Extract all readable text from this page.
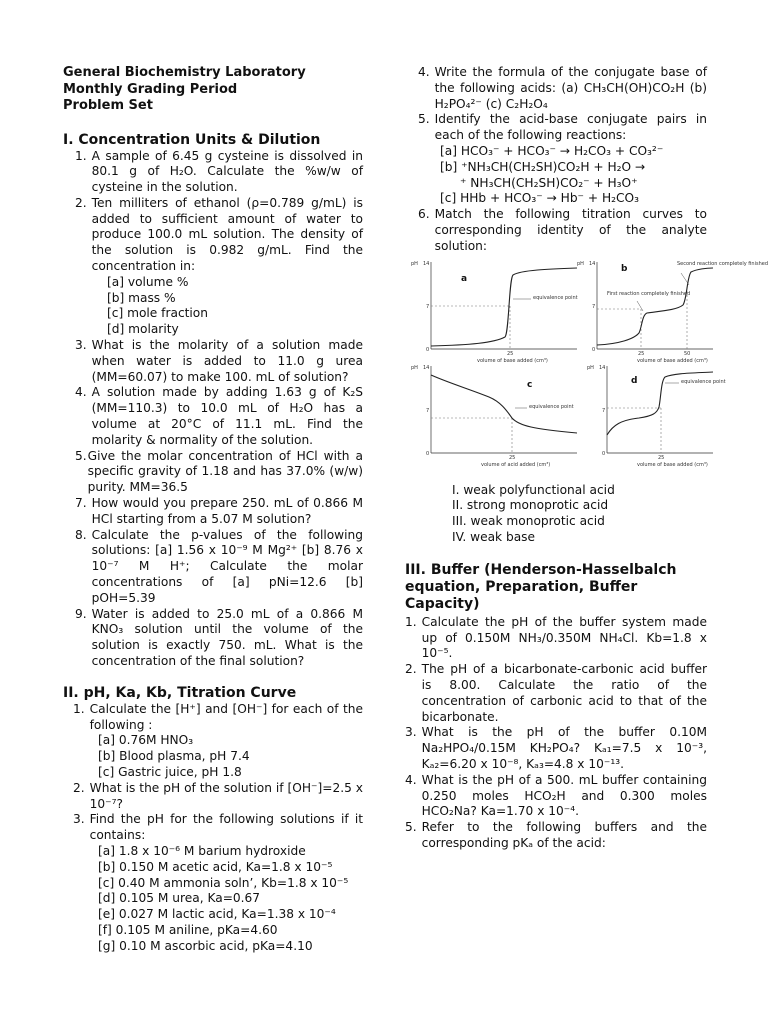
General Biochemistry Laboratory
Monthly Grading Period
Problem Set
I. Concentration Units & Dilution
1. A sample of 6.45 g cysteine is dissolved in 80.1 g of H₂O. Calculate the %w/w of cysteine in the solution.
2. Ten milliters of ethanol (ρ=0.789 g/mL) is added to sufficient amount of water to produce 100.0 mL solution. The density of the solution is 0.982 g/mL. Find the concentration in:
[a] volume %
[b] mass %
[c] mole fraction
[d] molarity
3. What is the molarity of a solution made when water is added to 11.0 g urea (MM=60.07) to make 100. mL of solution?
4. A solution made by adding 1.63 g of K₂S (MM=110.3) to 10.0 mL of H₂O has a volume at 20°C of 11.1 mL. Find the molarity & normality of the solution.
5. Give the molar concentration of HCl with a specific gravity of 1.18 and has 37.0% (w/w) purity. MM=36.5
7. How would you prepare 250. mL of 0.866 M HCl starting from a 5.07 M solution?
8. Calculate the p-values of the following solutions: [a] 1.56 x 10⁻⁹ M Mg²⁺ [b] 8.76 x 10⁻⁷ M H⁺; Calculate the molar concentrations of [a] pNi=12.6 [b] pOH=5.39
9. Water is added to 25.0 mL of a 0.866 M KNO₃ solution until the volume of the solution is exactly 750. mL. What is the concentration of the final solution?
II. pH, Ka, Kb, Titration Curve
1. Calculate the [H⁺] and [OH⁻] for each of the following :
[a] 0.76M HNO₃
[b] Blood plasma, pH 7.4
[c] Gastric juice, pH 1.8
2. What is the pH of the solution if [OH⁻]=2.5 x 10⁻⁷?
3. Find the pH for the following solutions if it contains:
[a] 1.8 x 10⁻⁶ M barium hydroxide
[b] 0.150 M acetic acid, Ka=1.8 x 10⁻⁵
[c] 0.40 M ammonia soln’, Kb=1.8 x 10⁻⁵
[d] 0.105 M urea, Ka=0.67
[e] 0.027 M lactic acid, Ka=1.38 x 10⁻⁴
[f] 0.105 M aniline, pKa=4.60
[g] 0.10 M ascorbic acid, pKa=4.10
4. Write the formula of the conjugate base of the following acids: (a) CH₃CH(OH)CO₂H (b) H₂PO₄²⁻ (c) C₂H₂O₄
5. Identify the acid-base conjugate pairs in each of the following reactions:
[a] HCO₃⁻ + HCO₃⁻ → H₂CO₃ + CO₃²⁻
[b] ⁺NH₃CH(CH₂SH)CO₂H + H₂O →
⁺ NH₃CH(CH₂SH)CO₂⁻ + H₃O⁺
[c] HHb + HCO₃⁻ → Hb⁻ + H₂CO₃
6. Match the following titration curves to corresponding identity of the analyte solution:
pH 14
7
0
equivalence point
a
25
volume of base added (cm³)
pH 14
7
0
Second reaction completely finished
First reaction completely finished
b
25	50
volume of base added (cm³)
pH 14
7
0
equivalence point
c
25
volume of acid added (cm³)
pH 14
7
0
equivalence point
d
25
volume of base added (cm³)
I. weak polyfunctional acid
II. strong monoprotic acid
III. weak monoprotic acid
IV. weak base
III. Buffer (Henderson-Hasselbalch equation, Preparation, Buffer Capacity)
1. Calculate the pH of the buffer system made up of 0.150M NH₃/0.350M NH₄Cl. Kb=1.8 x 10⁻⁵.
2. The pH of a bicarbonate-carbonic acid buffer is 8.00. Calculate the ratio of the concentration of carbonic acid to that of the bicarbonate.
3. What is the pH of the buffer 0.10M Na₂HPO₄/0.15M KH₂PO₄? Kₐ₁=7.5 x 10⁻³, Kₐ₂=6.20 x 10⁻⁸, Kₐ₃=4.8 x 10⁻¹³.
4. What is the pH of a 500. mL buffer containing 0.250 moles HCO₂H and 0.300 moles HCO₂Na? Ka=1.70 x 10⁻⁴.
5. Refer to the following buffers and the corresponding pKₐ of the acid:
